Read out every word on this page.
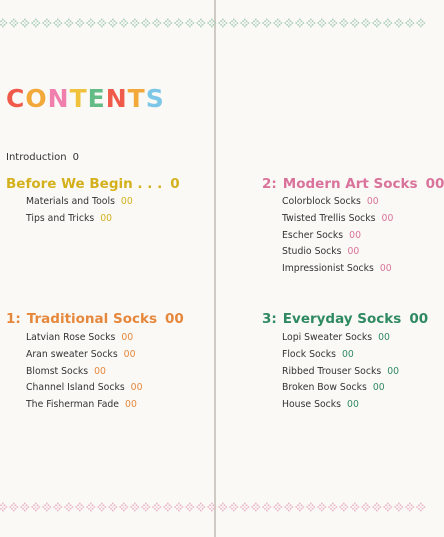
CONTENTS
Introduction 0
Before We Begin . . . 0
Materials and Tools 00
Tips and Tricks 00
1: Traditional Socks 00
Latvian Rose Socks 00
Aran sweater Socks 00
Blomst Socks 00
Channel Island Socks 00
The Fisherman Fade 00
2: Modern Art Socks 00
Colorblock Socks 00
Twisted Trellis Socks 00
Escher Socks 00
Studio Socks 00
Impressionist Socks 00
3: Everyday Socks 00
Lopi Sweater Socks 00
Flock Socks 00
Ribbed Trouser Socks 00
Broken Bow Socks 00
House Socks 00
